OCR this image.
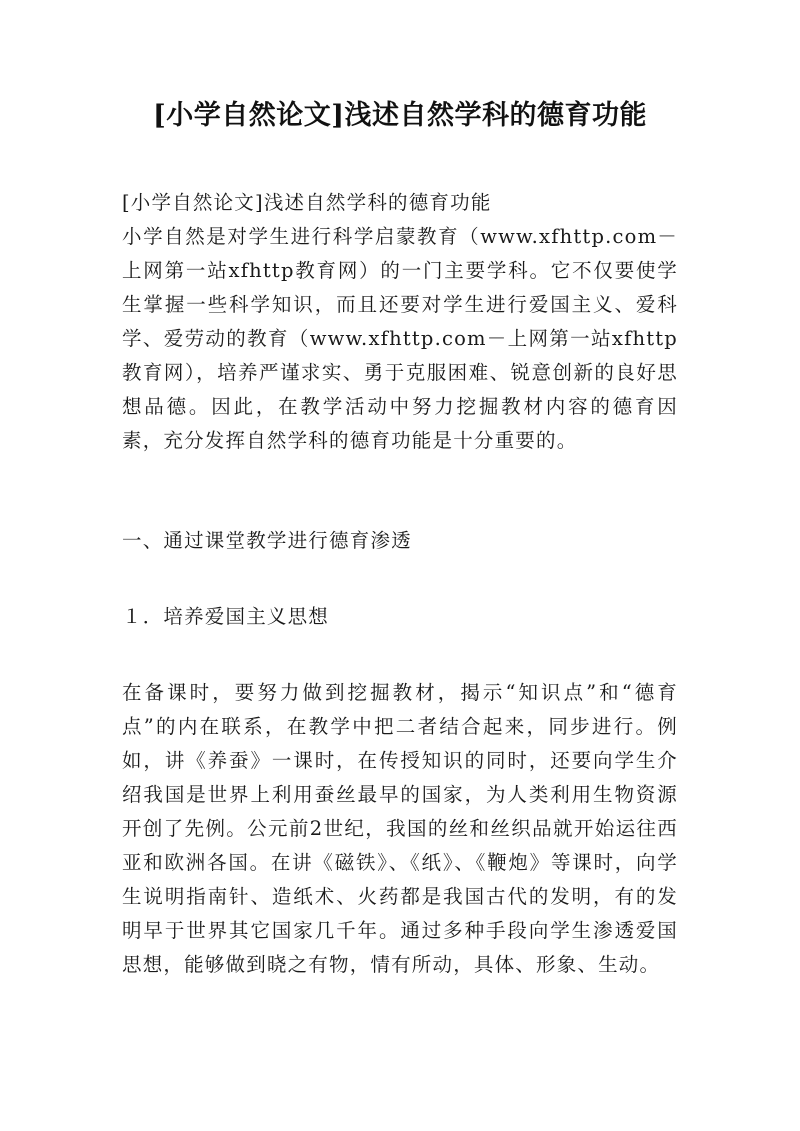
[小学自然论文]浅述自然学科的德育功能
[小学自然论文]浅述自然学科的德育功能
小学自然是对学生进行科学启蒙教育（www.xfhttp.com－上网第一站xfhttp教育网）的一门主要学科。它不仅要使学生掌握一些科学知识，而且还要对学生进行爱国主义、爱科学、爱劳动的教育（www.xfhttp.com－上网第一站xfhttp教育网），培养严谨求实、勇于克服困难、锐意创新的良好思想品德。因此，在教学活动中努力挖掘教材内容的德育因素，充分发挥自然学科的德育功能是十分重要的。
一、通过课堂教学进行德育渗透
１．培养爱国主义思想
在备课时，要努力做到挖掘教材，揭示“知识点”和“德育点”的内在联系，在教学中把二者结合起来，同步进行。例如，讲《养蚕》一课时，在传授知识的同时，还要向学生介绍我国是世界上利用蚕丝最早的国家，为人类利用生物资源开创了先例。公元前2世纪，我国的丝和丝织品就开始运往西亚和欧洲各国。在讲《磁铁》、《纸》、《鞭炮》等课时，向学生说明指南针、造纸术、火药都是我国古代的发明，有的发明早于世界其它国家几千年。通过多种手段向学生渗透爱国思想，能够做到晓之有物，情有所动，具体、形象、生动。
